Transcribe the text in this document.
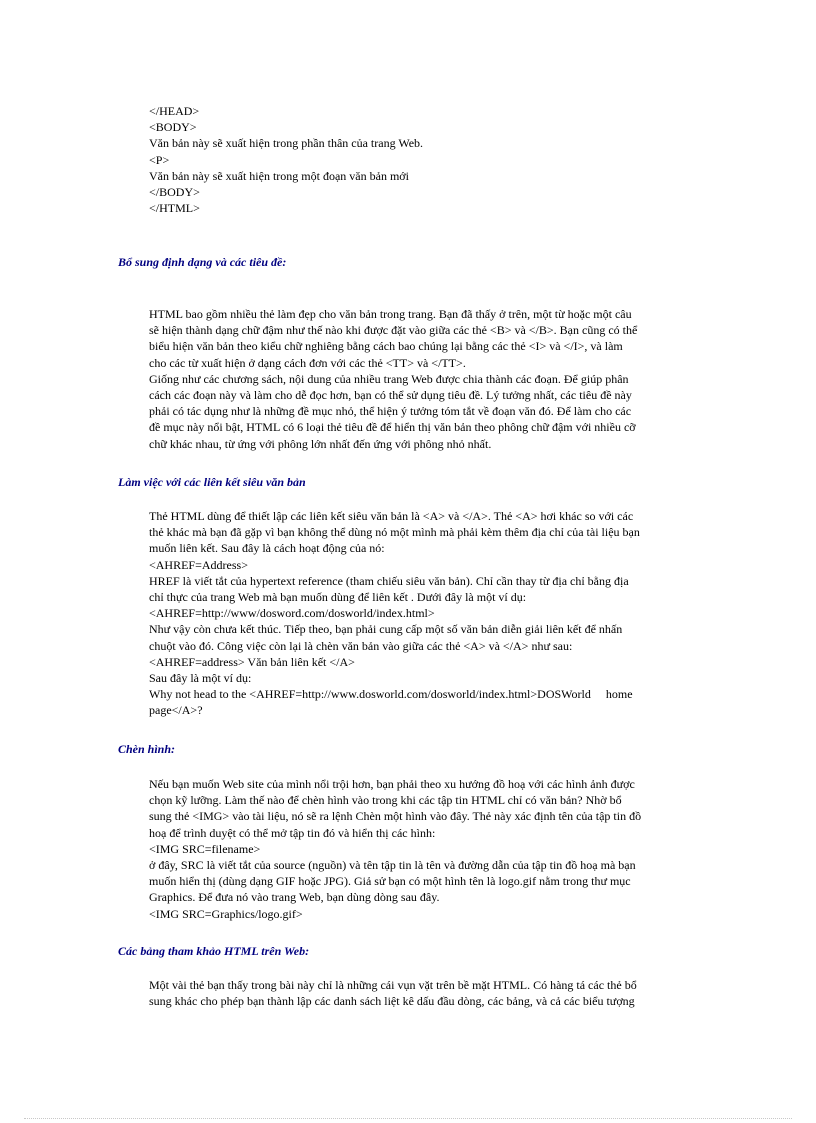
</HEAD>
<BODY>
Văn bản này sẽ xuất hiện trong phần thân của trang Web.
<P>
Văn bản này sẽ xuất hiện trong một đoạn văn bản mới
</BODY>
</HTML>
Bổ sung định dạng và các tiêu đề:
HTML bao gồm nhiều thẻ làm đẹp cho văn bản trong trang. Bạn đã thấy ở trên, một từ hoặc một câu
sẽ hiện thành dạng chữ đậm như thế nào khi được đặt vào giữa các thẻ <B> và </B>. Bạn cũng có thể
biểu hiện văn bản theo kiểu chữ nghiêng bằng cách bao chúng lại bằng các thẻ <I> và </I>, và làm
cho các từ xuất hiện ở dạng cách đơn với các thẻ <TT> và </TT>.
Giống như các chương sách, nội dung của nhiều trang Web được chia thành các đoạn. Để giúp phân
cách các đoạn này và làm cho dễ đọc hơn, bạn có thể sử dụng tiêu đề. Lý tưởng nhất, các tiêu đề này
phải có tác dụng như là những đề mục nhỏ, thể hiện ý tưởng tóm tắt về đoạn văn đó. Để làm cho các
đề mục này nổi bật, HTML có 6 loại thẻ tiêu đề để hiển thị văn bản theo phông chữ đậm với nhiều cỡ
chữ khác nhau, từ ứng với phông lớn nhất đến ứng với phông nhỏ nhất.
Làm việc với các liên kết siêu văn bản
Thẻ HTML dùng để thiết lập các liên kết siêu văn bản là <A> và </A>. Thẻ <A> hơi khác so với các
thẻ khác mà bạn đã gặp vì bạn không thể dùng nó một mình mà phải kèm thêm địa chỉ của tài liệu bạn
muốn liên kết. Sau đây là cách hoạt động của nó:
<AHREF=Address>
HREF là viết tắt của hypertext reference (tham chiếu siêu văn bản). Chỉ cần thay từ địa chỉ bằng địa
chỉ thực của trang Web mà bạn muốn dùng để liên kết . Dưới đây là một ví dụ:
<AHREF=http://www/dosword.com/dosworld/index.html>
Như vậy còn chưa kết thúc. Tiếp theo, bạn phải cung cấp một số văn bản diễn giải liên kết để nhấn
chuột vào đó. Công việc còn lại là chèn văn bản vào giữa các thẻ <A> và </A> như sau:
<AHREF=address> Văn bản liên kết </A>
Sau đây là một ví dụ:
Why not head to the <AHREF=http://www.dosworld.com/dosworld/index.html>DOSWorld     home
page</A>?
Chèn hình:
Nếu bạn muốn Web site của mình nổi trội hơn, bạn phải theo xu hướng đồ hoạ với các hình ảnh được
chọn kỹ lưỡng. Làm thế nào để chèn hình vào trong khi các tập tin HTML chỉ có văn bản? Nhờ bổ
sung thẻ <IMG> vào tài liệu, nó sẽ ra lệnh Chèn một hình vào đây. Thẻ này xác định tên của tập tin đồ
hoạ để trình duyệt có thể mở tập tin đó và hiển thị các hình:
<IMG SRC=filename>
ở đây, SRC là viết tắt của source (nguồn) và tên tập tin là tên và đường dẫn của tập tin đồ hoạ mà bạn
muốn hiển thị (dùng dạng GIF hoặc JPG). Giả sử bạn có một hình tên là logo.gif nằm trong thư mục
Graphics. Để đưa nó vào trang Web, bạn dùng dòng sau đây.
<IMG SRC=Graphics/logo.gif>
Các bảng tham khảo HTML trên Web:
Một vài thẻ bạn thấy trong bài này chỉ là những cái vụn vặt trên bề mặt HTML. Có hàng tá các thẻ bổ
sung khác cho phép bạn thành lập các danh sách liệt kê dấu đầu dòng, các bảng, và cả các biểu tượng
